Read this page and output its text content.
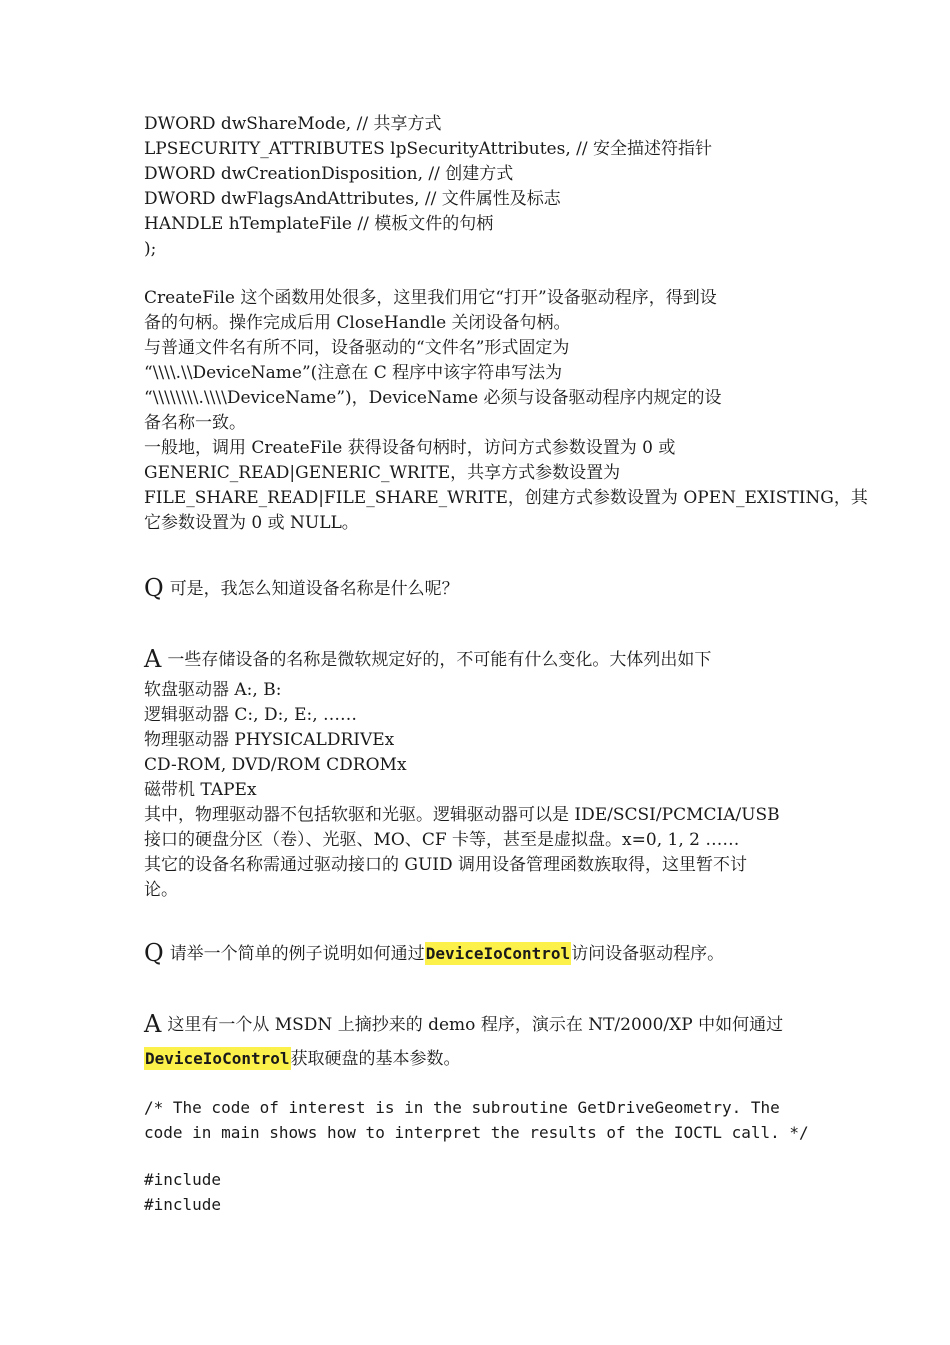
DWORD dwShareMode, // 共享方式

LPSECURITY_ATTRIBUTES lpSecurityAttributes, // 安全描述符指针

DWORD dwCreationDisposition, // 创建方式

DWORD dwFlagsAndAttributes, // 文件属性及标志

HANDLE hTemplateFile // 模板文件的句柄

);

CreateFile 这个函数用处很多，这里我们用它“打开”设备驱动程序，得到设

备的句柄。操作完成后用 CloseHandle 关闭设备句柄。

与普通文件名有所不同，设备驱动的“文件名”形式固定为

“\\\\.\\DeviceName”(注意在 C 程序中该字符串写法为

“\\\\\\\\.\\\\DeviceName”)，DeviceName 必须与设备驱动程序内规定的设

备名称一致。

一般地，调用 CreateFile 获得设备句柄时，访问方式参数设置为 0 或

GENERIC_READ|GENERIC_WRITE，共享方式参数设置为

FILE_SHARE_READ|FILE_SHARE_WRITE，创建方式参数设置为 OPEN_EXISTING，其

它参数设置为 0 或 NULL。

Q 可是，我怎么知道设备名称是什么呢？

A 一些存储设备的名称是微软规定好的，不可能有什么变化。大体列出如下

软盘驱动器 A:, B:

逻辑驱动器 C:, D:, E:, ……

物理驱动器 PHYSICALDRIVEx

CD-ROM, DVD/ROM CDROMx

磁带机 TAPEx

其中，物理驱动器不包括软驱和光驱。逻辑驱动器可以是 IDE/SCSI/PCMCIA/USB

接口的硬盘分区（卷）、光驱、MO、CF 卡等，甚至是虚拟盘。x=0, 1, 2 ……

其它的设备名称需通过驱动接口的 GUID 调用设备管理函数族取得，这里暂不讨

论。

Q 请举一个简单的例子说明如何通过DeviceIoControl访问设备驱动程序。

A 这里有一个从 MSDN 上摘抄来的 demo 程序，演示在 NT/2000/XP 中如何通过

DeviceIoControl获取硬盘的基本参数。

/* The code of interest is in the subroutine GetDriveGeometry. The

code in main shows how to interpret the results of the IOCTL call. */

#include

#include
